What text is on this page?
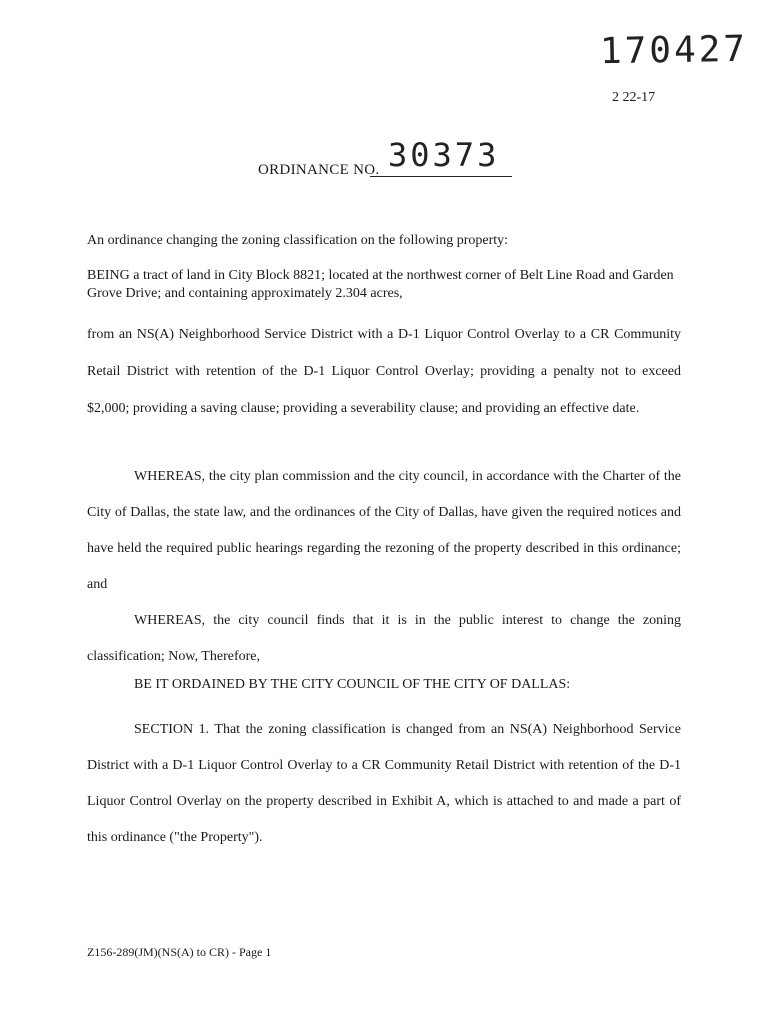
170427
2 22-17
ORDINANCE NO. 30373
An ordinance changing the zoning classification on the following property:
BEING a tract of land in City Block 8821; located at the northwest corner of Belt Line Road and Garden Grove Drive; and containing approximately 2.304 acres,
from an NS(A) Neighborhood Service District with a D-1 Liquor Control Overlay to a CR Community Retail District with retention of the D-1 Liquor Control Overlay; providing a penalty not to exceed $2,000; providing a saving clause; providing a severability clause; and providing an effective date.
WHEREAS, the city plan commission and the city council, in accordance with the Charter of the City of Dallas, the state law, and the ordinances of the City of Dallas, have given the required notices and have held the required public hearings regarding the rezoning of the property described in this ordinance; and
WHEREAS, the city council finds that it is in the public interest to change the zoning classification; Now, Therefore,
BE IT ORDAINED BY THE CITY COUNCIL OF THE CITY OF DALLAS:
SECTION 1. That the zoning classification is changed from an NS(A) Neighborhood Service District with a D-1 Liquor Control Overlay to a CR Community Retail District with retention of the D-1 Liquor Control Overlay on the property described in Exhibit A, which is attached to and made a part of this ordinance ("the Property").
Z156-289(JM)(NS(A) to CR) - Page 1
